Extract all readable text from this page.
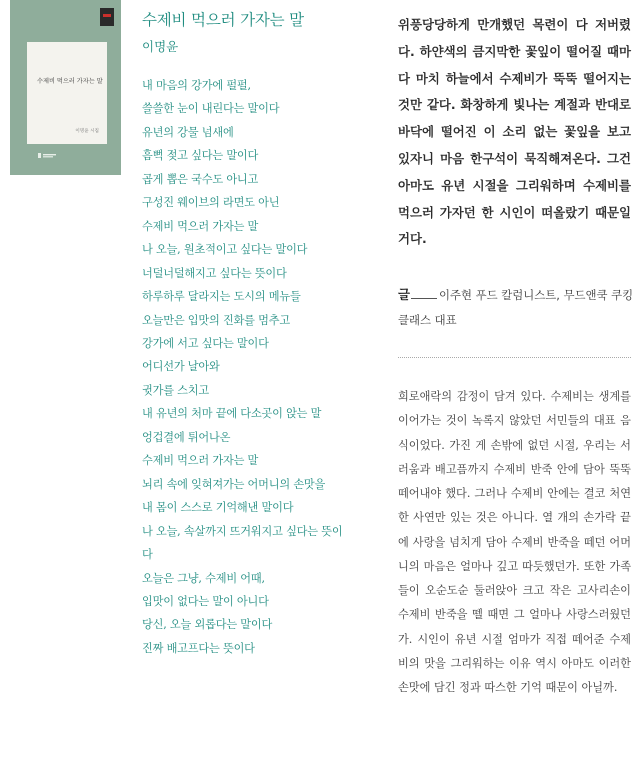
수제비 먹으러 가자는 말
이명윤 시집
수제비 먹으러 가자는 말
이명윤
내 마음의 강가에 펄펄,
쓸쓸한 눈이 내린다는 말이다
유년의 강물 넘새에
흠뻑 젖고 싶다는 말이다
곱게 뽑은 국수도 아니고
구성진 웨이브의 라면도 아닌
수제비 먹으러 가자는 말
나 오늘, 원초적이고 싶다는 말이다
너덜너덜해지고 싶다는 뜻이다
하루하루 달라지는 도시의 메뉴들
오늘만은 입맛의 진화를 멈추고
강가에 서고 싶다는 말이다
어디선가 날아와
귓가를 스치고
내 유년의 처마 끝에 다소곳이 앉는 말
엉겁결에 튀어나온
수제비 먹으러 가자는 말
뇌리 속에 잊혀져가는 어머니의 손맛을
내 몸이 스스로 기억해낸 말이다
나 오늘, 속살까지 뜨거워지고 싶다는 뜻이
다
오늘은 그냥, 수제비 어때,
입맛이 없다는 말이 아니다
당신, 오늘 외롭다는 말이다
진짜 배고프다는 뜻이다

위풍당당하게 만개했던 목련이 다 저버렸다. 하얀색의 큼지막한 꽃잎이 떨어질 때마다 마치 하늘에서 수제비가 뚝뚝 떨어지는 것만 같다. 화창하게 빛나는 계절과 반대로 바닥에 떨어진 이 소리 없는 꽃잎을 보고 있자니 마음 한구석이 묵직해져온다. 그건 아마도 유년 시절을 그리워하며 수제비를 먹으러 가자던 한 시인이 떠올랐기 때문일 거다.

글	이주현 푸드 칼럼니스트, 무드앤쿡 쿠킹 클래스 대표

희로애락의 감정이 담겨 있다. 수제비는 생계를 이어가는 것이 녹록지 않았던 서민들의 대표 음식이었다. 가진 게 손밖에 없던 시절, 우리는 서러움과 배고픔까지 수제비 반죽 안에 담아 뚝뚝 떼어내야 했다. 그러나 수제비 안에는 결코 처연한 사연만 있는 것은 아니다. 열 개의 손가락 끝에 사랑을 넘치게 담아 수제비 반죽을 떼던 어머니의 마음은 얼마나 깊고 따듯했던가. 또한 가족들이 오순도순 둘러앉아 크고 작은 고사리손이 수제비 반죽을 뗄 때면 그 얼마나 사랑스러웠던가. 시인이 유년 시절 엄마가 직접 떼어준 수제비의 맛을 그리워하는 이유 역시 아마도 이러한 손맛에 담긴 정과 따스한 기억 때문이 아닐까.
